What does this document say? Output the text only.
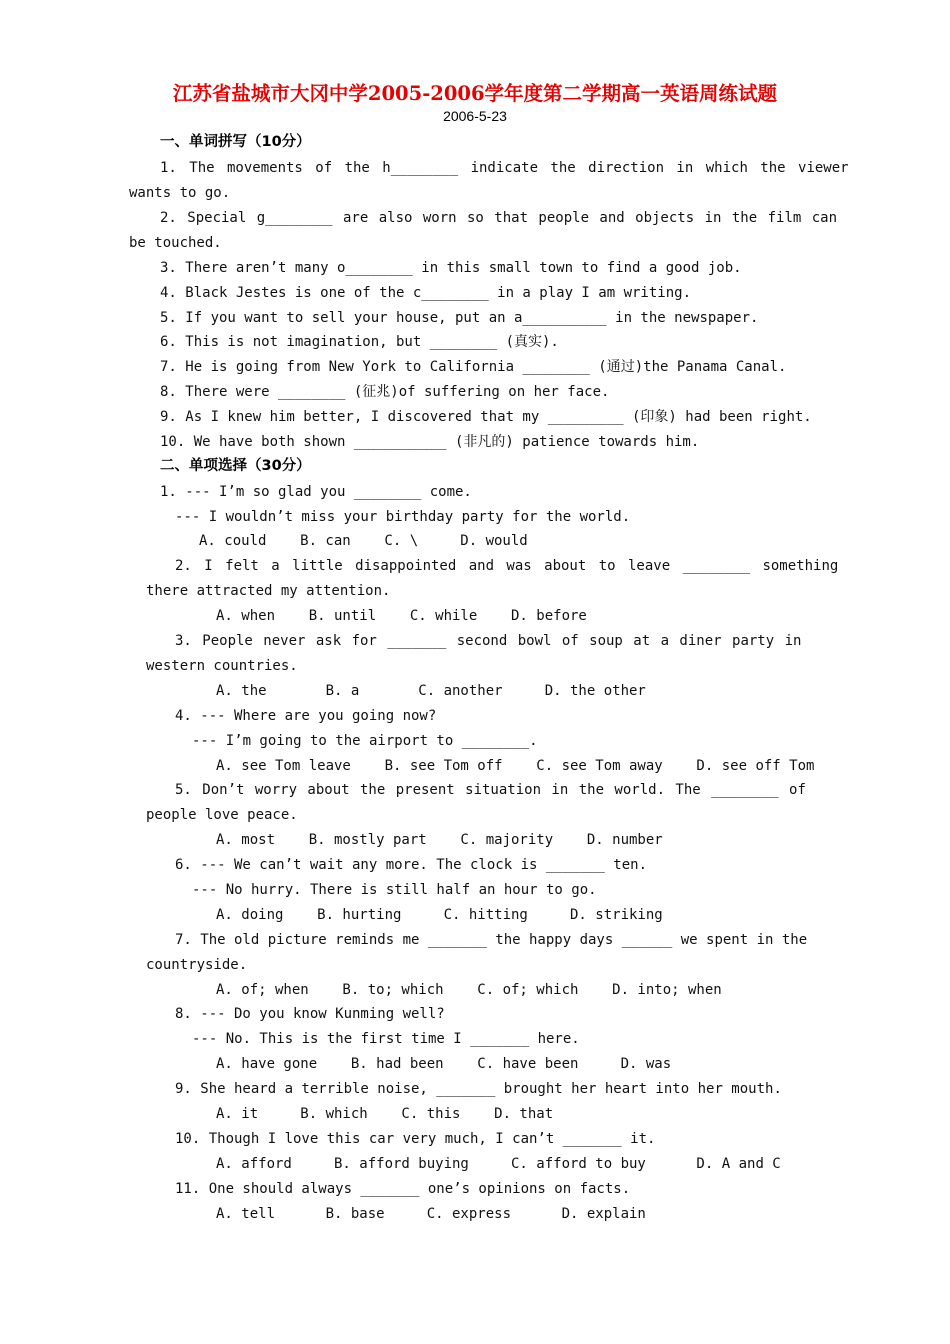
江苏省盐城市大冈中学2005-2006学年度第二学期高一英语周练试题
2006-5-23
一、单词拼写（10分）
1. The movements of the h________ indicate the direction in which the viewer
wants to go.
2. Special g________ are also worn so that people and objects in the film can
be touched.
3. There aren’t many o________ in this small town to find a good job.
4. Black Jestes is one of the c________ in a play I am writing.
5. If you want to sell your house, put an a__________ in the newspaper.
6. This is not imagination, but ________ (真实).
7. He is going from New York to California ________ (通过)the Panama Canal.
8. There were ________ (征兆)of suffering on her face.
9. As I knew him better, I discovered that my _________ (印象) had been right.
10. We have both shown ___________ (非凡的) patience towards him.
二、单项选择（30分）
1. --- I’m so glad you ________ come.
--- I wouldn’t miss your birthday party for the world.
A. could    B. can    C. \     D. would
2. I felt a little disappointed and was about to leave ________ something
there attracted my attention.
A. when    B. until    C. while    D. before
3. People never ask for _______ second bowl of soup at a diner party in
western countries.
A. the       B. a       C. another     D. the other
4. --- Where are you going now?
--- I’m going to the airport to ________.
A. see Tom leave    B. see Tom off    C. see Tom away    D. see off Tom
5. Don’t worry about the present situation in the world. The ________ of
people love peace.
A. most    B. mostly part    C. majority    D. number
6. --- We can’t wait any more. The clock is _______ ten.
--- No hurry. There is still half an hour to go.
A. doing    B. hurting     C. hitting     D. striking
7. The old picture reminds me _______ the happy days ______ we spent in the
countryside.
A. of; when    B. to; which    C. of; which    D. into; when
8. --- Do you know Kunming well?
--- No. This is the first time I _______ here.
A. have gone    B. had been    C. have been     D. was
9. She heard a terrible noise, _______ brought her heart into her mouth.
A. it     B. which    C. this    D. that
10. Though I love this car very much, I can’t _______ it.
A. afford     B. afford buying     C. afford to buy      D. A and C
11. One should always _______ one’s opinions on facts.
A. tell      B. base     C. express      D. explain
